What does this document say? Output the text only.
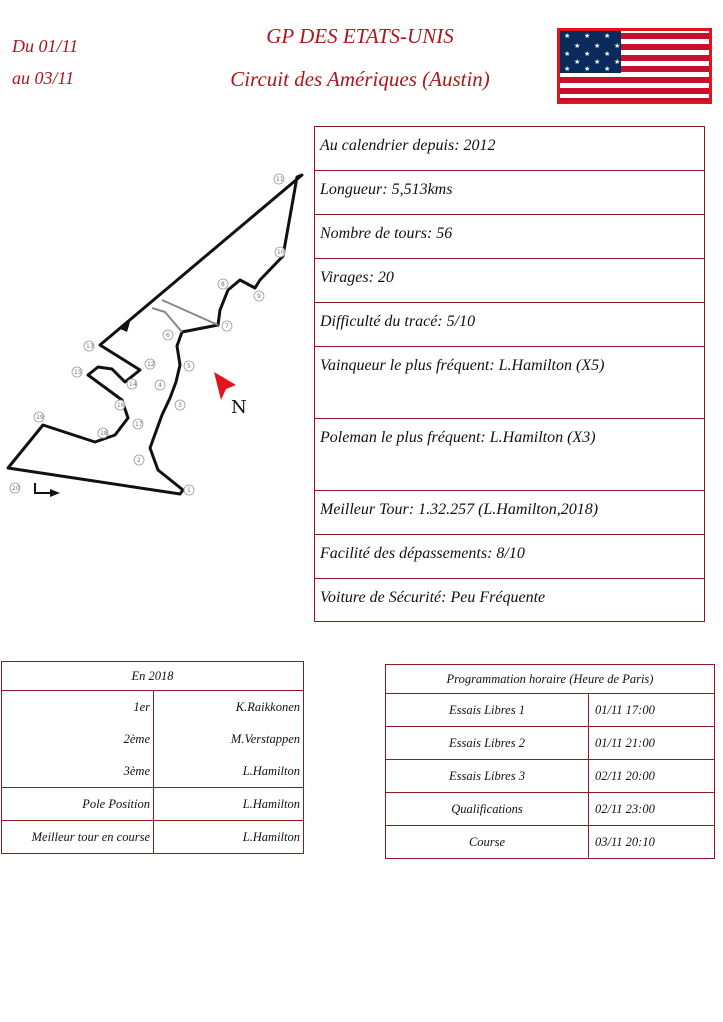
Du 01/11
au 03/11
GP DES ETATS-UNIS
Circuit des Amériques (Austin)
★ ★ ★
★ ★ ★
★ ★ ★
★ ★ ★
★ ★ ★
N
1
2
3
4
5
6
7
8
9
10
11
12
13
14
15
16
17
18
19
20
Au calendrier depuis: 2012
Longueur: 5,513kms
Nombre de tours: 56
Virages: 20
Difficulté du tracé: 5/10
Vainqueur le plus fréquent: L.Hamilton (X5)
Poleman le plus fréquent: L.Hamilton (X3)
Meilleur Tour: 1.32.257 (L.Hamilton,2018)
Facilité des dépassements: 8/10
Voiture de Sécurité: Peu Fréquente
En 2018	
1er	K.Raikkonen
2ème	M.Verstappen
3ème	L.Hamilton
Pole Position	L.Hamilton
Meilleur tour en course	L.Hamilton
Programmation horaire (Heure de Paris)	
Essais Libres 1	01/11 17:00
Essais Libres 2	01/11 21:00
Essais Libres 3	02/11 20:00
Qualifications	02/11 23:00
Course	03/11 20:10
